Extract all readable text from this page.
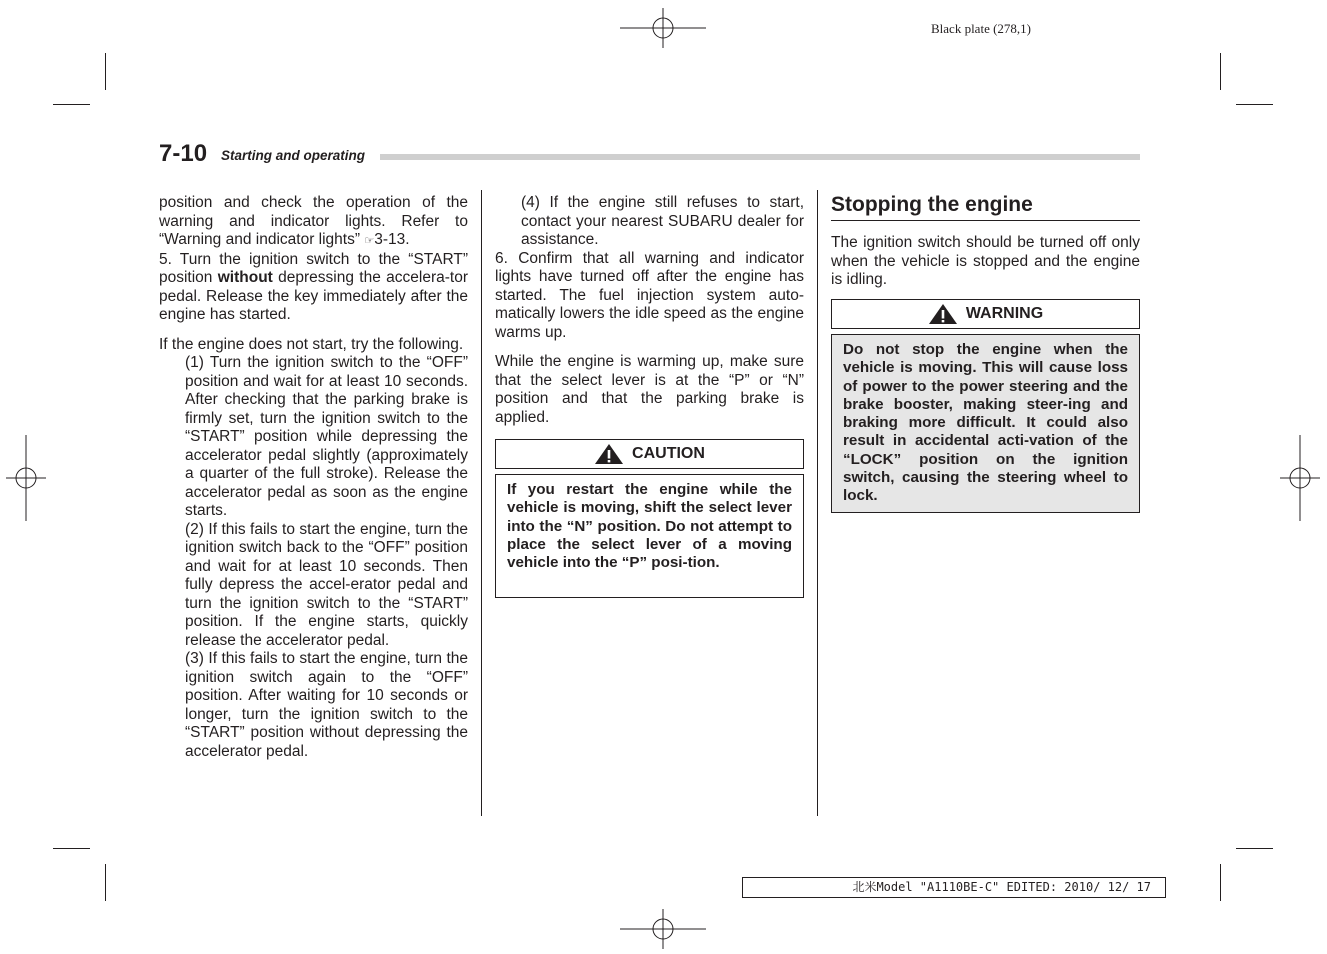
Black plate (278,1)
7-10 Starting and operating

position and check the operation of the warning and indicator lights. Refer to “Warning and indicator lights” ☞3-13.

5. Turn the ignition switch to the “START” position without depressing the accelera-tor pedal. Release the key immediately after the engine has started.

If the engine does not start, try the following.

(1) Turn the ignition switch to the “OFF” position and wait for at least 10 seconds. After checking that the parking brake is firmly set, turn the ignition switch to the “START” position while depressing the accelerator pedal slightly (approximately a quarter of the full stroke). Release the accelerator pedal as soon as the engine starts.

(2) If this fails to start the engine, turn the ignition switch back to the “OFF” position and wait for at least 10 seconds. Then fully depress the accel-erator pedal and turn the ignition switch to the “START” position. If the engine starts, quickly release the accelerator pedal.

(3) If this fails to start the engine, turn the ignition switch again to the “OFF” position. After waiting for 10 seconds or longer, turn the ignition switch to the “START” position without depressing the accelerator pedal.

(4) If the engine still refuses to start, contact your nearest SUBARU dealer for assistance.

6. Confirm that all warning and indicator lights have turned off after the engine has started. The fuel injection system auto-matically lowers the idle speed as the engine warms up.

While the engine is warming up, make sure that the select lever is at the “P” or “N” position and that the parking brake is applied.

CAUTION
If you restart the engine while the vehicle is moving, shift the select lever into the “N” position. Do not attempt to place the select lever of a moving vehicle into the “P” posi-tion.
Stopping the engine

The ignition switch should be turned off only when the vehicle is stopped and the engine is idling.

WARNING
Do not stop the engine when the vehicle is moving. This will cause loss of power to the power steering and the brake booster, making steer-ing and braking more difficult. It could also result in accidental acti-vation of the “LOCK” position on the ignition switch, causing the steering wheel to lock.
北米Model "A1110BE-C" EDITED: 2010/ 12/ 17
